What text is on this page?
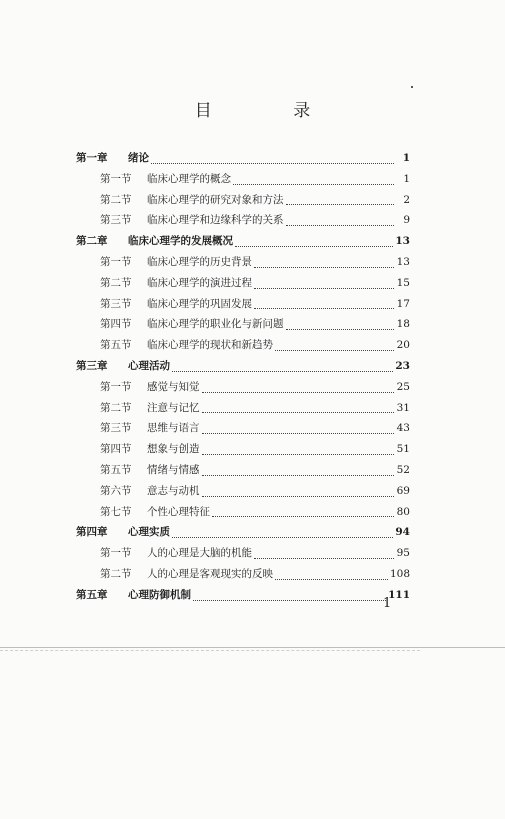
目 录
第一章	绪论	1
第一节	临床心理学的概念	1
第二节	临床心理学的研究对象和方法	2
第三节	临床心理学和边缘科学的关系	9
第二章	临床心理学的发展概况	13
第一节	临床心理学的历史背景	13
第二节	临床心理学的演进过程	15
第三节	临床心理学的巩固发展	17
第四节	临床心理学的职业化与新问题	18
第五节	临床心理学的现状和新趋势	20
第三章	心理活动	23
第一节	感觉与知觉	25
第二节	注意与记忆	31
第三节	思维与语言	43
第四节	想象与创造	51
第五节	情绪与情感	52
第六节	意志与动机	69
第七节	个性心理特征	80
第四章	心理实质	94
第一节	人的心理是大脑的机能	95
第二节	人的心理是客观现实的反映	108
第五章	心理防御机制	111
1
